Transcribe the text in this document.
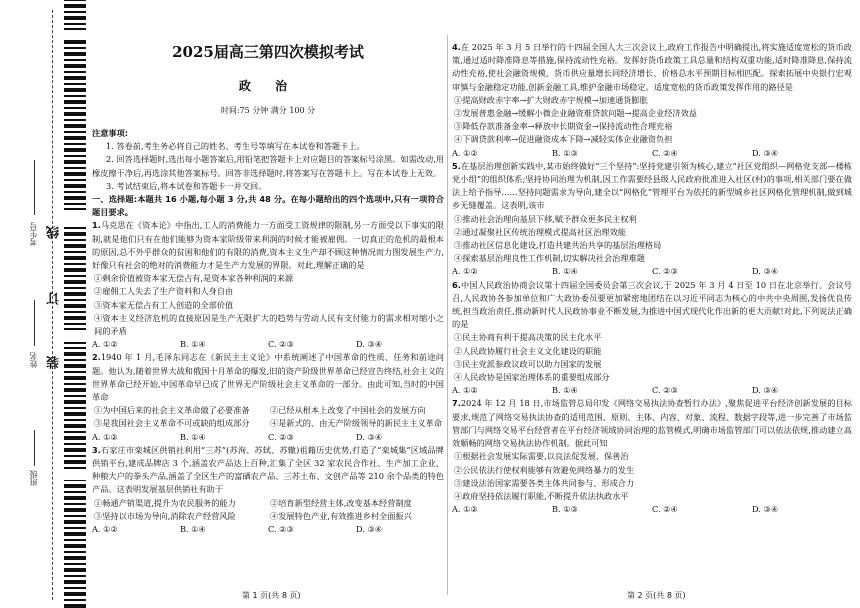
考生号
姓名
班级
线
订
装
2025届高三第四次模拟考试
政 治
时间:75 分钟 满分 100 分
注意事项:

1. 答卷前,考生务必将自己的姓名、考生号等填写在本试卷和答题卡上。

2. 回答选择题时,选出每小题答案后,用铅笔把答题卡上对应题目的答案标号涂黑。如需改动,用橡皮擦干净后,再选涂其他答案标号。回答非选择题时,将答案写在答题卡上。写在本试卷上无效。

3. 考试结束后,将本试卷和答题卡一并交回。

一、选择题:本题共 16 小题,每小题 3 分,共 48 分。在每小题给出的四个选项中,只有一项符合题目要求。
1.马克思在《资本论》中指出,工人的消费能力一方面受工资规律的限制,另一方面受以下事实的限制,就是他们只有在他们能够为资本家阶级带来利润的时候才能被雇佣。一切真正的危机的最根本的原因,总不外乎群众的贫困和他们的有限的消费,资本主义生产却不顾这种情况而力图发展生产力,好像只有社会的绝对的消费能力才是生产力发展的界限。对此,理解正确的是
①剩余价值被资本家无偿占有,是资本家各种利润的来源
②雇佣工人失去了生产资料和人身自由
③资本家无偿占有工人创造的全部价值
④资本主义经济危机的直接原因是生产无限扩大的趋势与劳动人民有支付能力的需求相对缩小之间的矛盾
A. ①②	B. ①④	C. ②③	D. ③④
2.1940 年 1 月,毛泽东同志在《新民主主义论》中系统阐述了中国革命的性质、任务和前途问题。他认为,随着世界大战和俄国十月革命的爆发,旧的资产阶级世界革命已经宣告终结,社会主义的世界革命已经开始,中国革命早已成了世界无产阶级社会主义革命的一部分。由此可知,当时的中国革命
①为中国后来的社会主义革命做了必要准备	②已经从根本上改变了中国社会的发展方向
③是我国社会主义革命不可或缺的组成部分	④是新式的、由无产阶级领导的新民主主义革命
A. ①②	B. ①④	C. ②③	D. ③④
3.石家庄市栾城区供销社利用“三苏”(苏洵、苏轼、苏辙)祖籍历史优势,打造了“栾城集”区域品牌供销平台,建成品牌店 3 个,涵盖农产品达上百种,汇集了全区 32 家农民合作社、生产加工企业、种粮大户的拳头产品,涵盖了全区生产的富硒农产品、三苏土布、文创产品等 210 余个品类的特色产品。这表明发展基层供销社有助于
①畅通产销渠道,提升为农民服务的能力	②培育新型经营主体,改变基本经营制度
③坚持以市场为导向,消除农产经营风险	④发展特色产业,有效推进乡村全面振兴
A. ①②	B. ①④	C. ②③	D. ③④
第 1 页(共 8 页)
4.在 2025 年 3 月 5 日举行的十四届全国人大三次会议上,政府工作报告中明确提出,将实施适度宽松的货币政策,通过适时降准降息等措施,保持流动性充裕。发挥好货币政策工具总量和结构双重功能,适时降准降息,保持流动性充裕,使社会融资规模、货币供应量增长同经济增长、价格总水平预期目标相匹配。探索拓展中央银行宏观审慎与金融稳定功能,创新金融工具,维护金融市场稳定。适度宽松的货币政策发挥作用的路径是
①提高财政赤字率→扩大财政赤字规模→加速通货膨胀
②发展普惠金融→缓解小微企业融资难贷款问题→提高企业经济效益
③降低存款准备金率→释放中长期资金→保持流动性合理充裕
④下调贷款利率→促进融资成本下降→减轻实体企业融资负担
A. ①②	B. ①③	C. ②④	D. ③④
5.在基层治理创新实践中,某市始终做好“三个坚持”:坚持党建引领为核心,建立“社区党组织—网格党支部—楼栋党小组”的组织体系;坚持协同治理为机制,因工作需要经县级人民政府批准进入社区(村)的事项,相关部门要在做法上给予指导……坚持问题需求为导向,建全以“网格化”管理平台为依托的新型城乡社区网格化管理机制,做到城乡无缝覆盖。这表明,该市
①推动社会治理向基层下移,赋予群众更多民主权利
②通过凝聚社区传统治理模式提高社区治理效能
③推动社区信息化建设,打造共建共治共享的基层治理格局
④探索基层治理良性工作机制,切实解决社会治理难题
A. ①②	B. ①④	C. ②③	D. ③④
6.中国人民政治协商会议第十四届全国委员会第三次会议,于 2025 年 3 月 4 日至 10 日在北京举行。会议号召,人民政协各参加单位和广大政协委员要更加紧密地团结在以习近平同志为核心的中共中央周围,发扬优良传统,担当政治责任,推动新时代人民政协事业不断发展,为推进中国式现代化作出新的更大贡献!对此,下列说法正确的是
①民主协商有利于提高决策的民主化水平
②人民政协履行社会主义文化建设的职能
③民主党派参政议政可以助力国家的发展
④人民政协是国家治理体系的重要组成部分
A. ①②	B. ①④	C. ②③	D. ③④
7.2024 年 12 月 18 日,市场监管总局印发《网络交易执法协查暂行办法》,聚焦促进平台经济创新发展的目标要求,规范了网络交易执法协查的适用范围、原则、主体、内容、对象、流程、数据字段等,进一步完善了市场监管部门与网络交易平台经营者在平台经济领域协同治理的监管模式,明确市场监管部门可以依法依规,推动建立高效顺畅的网络交易执法协作机制。据此可知
①根据社会发展实际需要,以良法促发展、保善治
②公民依法行使权利能够有效避免网络暴力的发生
③建设法治国家需要各类主体共同参与、形成合力
④政府坚持依法履行职能,不断提升依法执政水平
A. ①②	B. ①③	C. ②④	D. ③④
第 2 页(共 8 页)
